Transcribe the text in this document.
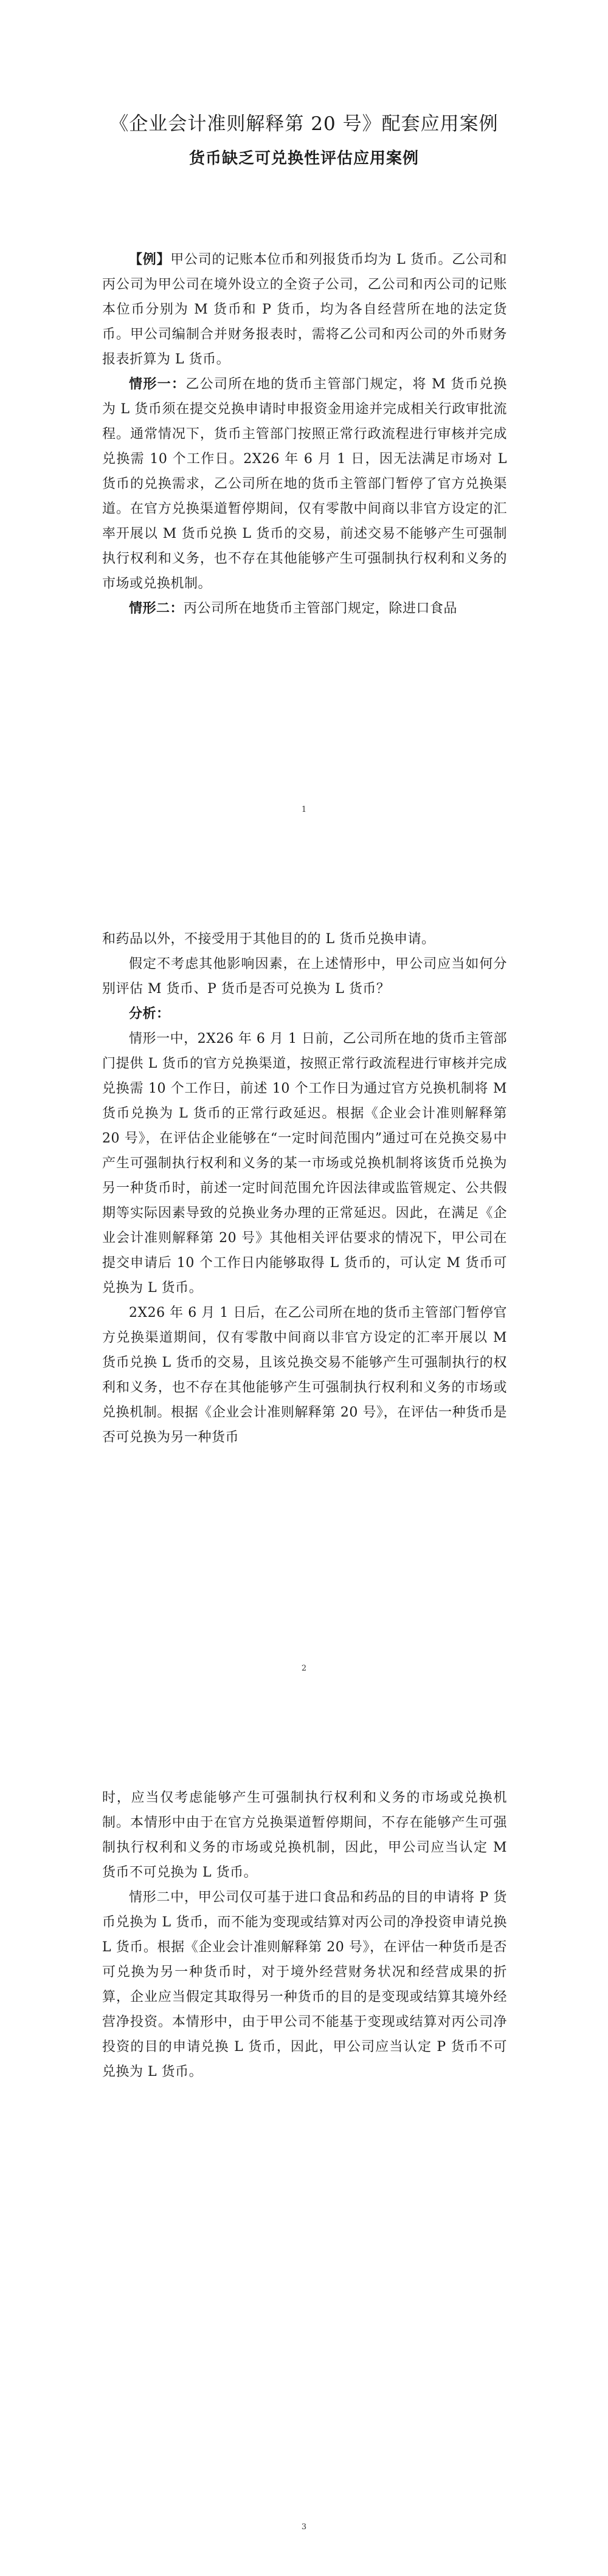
《企业会计准则解释第 20 号》配套应用案例
货币缺乏可兑换性评估应用案例

【例】甲公司的记账本位币和列报货币均为 L 货币。乙公司和丙公司为甲公司在境外设立的全资子公司，乙公司和丙公司的记账本位币分别为 M 货币和 P 货币，均为各自经营所在地的法定货币。甲公司编制合并财务报表时，需将乙公司和丙公司的外币财务报表折算为 L 货币。

情形一：乙公司所在地的货币主管部门规定，将 M 货币兑换为 L 货币须在提交兑换申请时申报资金用途并完成相关行政审批流程。通常情况下，货币主管部门按照正常行政流程进行审核并完成兑换需 10 个工作日。2X26 年 6 月 1 日，因无法满足市场对 L 货币的兑换需求，乙公司所在地的货币主管部门暂停了官方兑换渠道。在官方兑换渠道暂停期间，仅有零散中间商以非官方设定的汇率开展以 M 货币兑换 L 货币的交易，前述交易不能够产生可强制执行权利和义务，也不存在其他能够产生可强制执行权利和义务的市场或兑换机制。

情形二：丙公司所在地货币主管部门规定，除进口食品

1

和药品以外，不接受用于其他目的的 L 货币兑换申请。

假定不考虑其他影响因素，在上述情形中，甲公司应当如何分别评估 M 货币、P 货币是否可兑换为 L 货币？

分析：

情形一中，2X26 年 6 月 1 日前，乙公司所在地的货币主管部门提供 L 货币的官方兑换渠道，按照正常行政流程进行审核并完成兑换需 10 个工作日，前述 10 个工作日为通过官方兑换机制将 M 货币兑换为 L 货币的正常行政延迟。根据《企业会计准则解释第 20 号》，在评估企业能够在“一定时间范围内”通过可在兑换交易中产生可强制执行权利和义务的某一市场或兑换机制将该货币兑换为另一种货币时，前述一定时间范围允许因法律或监管规定、公共假期等实际因素导致的兑换业务办理的正常延迟。因此，在满足《企业会计准则解释第 20 号》其他相关评估要求的情况下，甲公司在提交申请后 10 个工作日内能够取得 L 货币的，可认定 M 货币可兑换为 L 货币。

2X26 年 6 月 1 日后，在乙公司所在地的货币主管部门暂停官方兑换渠道期间，仅有零散中间商以非官方设定的汇率开展以 M 货币兑换 L 货币的交易，且该兑换交易不能够产生可强制执行的权利和义务，也不存在其他能够产生可强制执行权利和义务的市场或兑换机制。根据《企业会计准则解释第 20 号》，在评估一种货币是否可兑换为另一种货币

2

时，应当仅考虑能够产生可强制执行权利和义务的市场或兑换机制。本情形中由于在官方兑换渠道暂停期间，不存在能够产生可强制执行权利和义务的市场或兑换机制，因此，甲公司应当认定 M 货币不可兑换为 L 货币。

情形二中，甲公司仅可基于进口食品和药品的目的申请将 P 货币兑换为 L 货币，而不能为变现或结算对丙公司的净投资申请兑换 L 货币。根据《企业会计准则解释第 20 号》，在评估一种货币是否可兑换为另一种货币时，对于境外经营财务状况和经营成果的折算，企业应当假定其取得另一种货币的目的是变现或结算其境外经营净投资。本情形中，由于甲公司不能基于变现或结算对丙公司净投资的目的申请兑换 L 货币，因此，甲公司应当认定 P 货币不可兑换为 L 货币。

3
